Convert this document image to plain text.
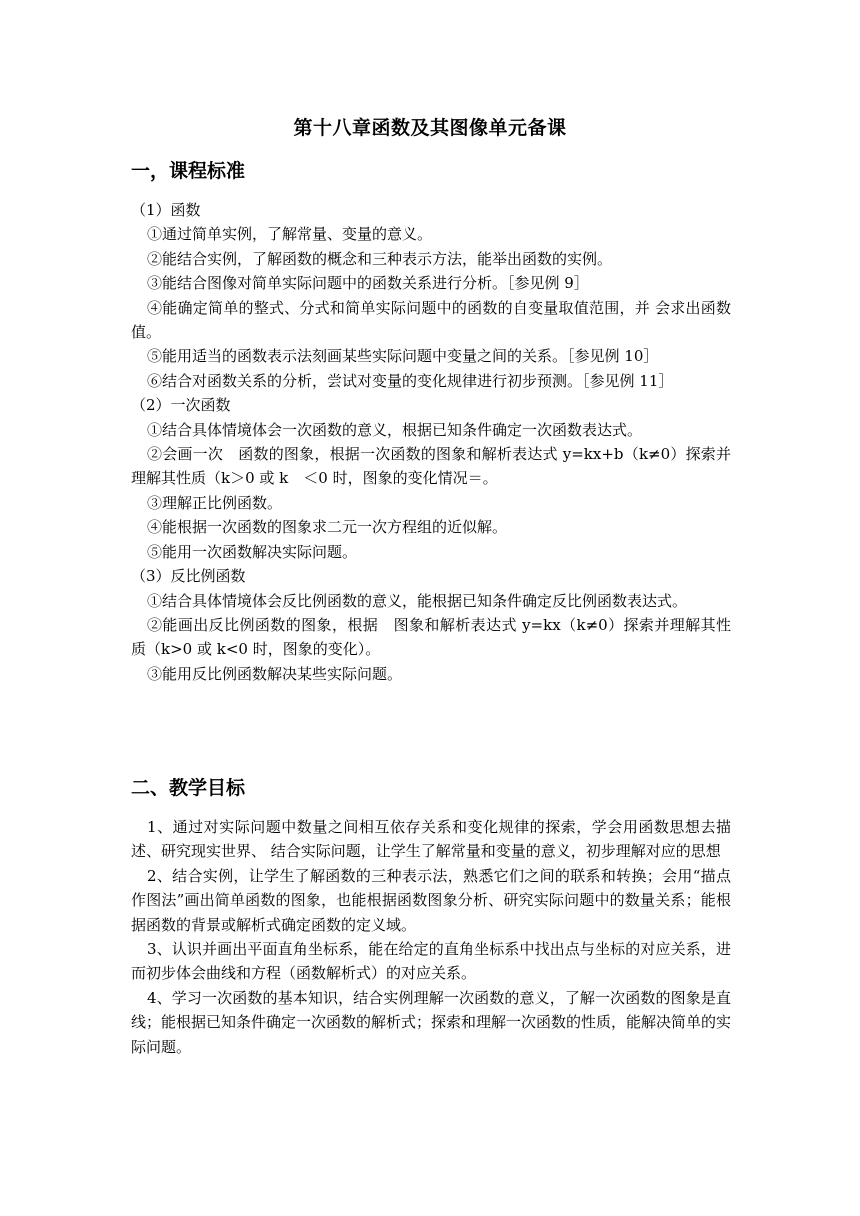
第十八章函数及其图像单元备课
一，课程标准

（1）函数

①通过简单实例，了解常量、变量的意义。

②能结合实例，了解函数的概念和三种表示方法，能举出函数的实例。

③能结合图像对简单实际问题中的函数关系进行分析。［参见例 9］

④能确定简单的整式、分式和简单实际问题中的函数的自变量取值范围，并 会求出函数值。

⑤能用适当的函数表示法刻画某些实际问题中变量之间的关系。［参见例 10］

⑥结合对函数关系的分析，尝试对变量的变化规律进行初步预测。［参见例 11］

（2）一次函数

①结合具体情境体会一次函数的意义，根据已知条件确定一次函数表达式。

②会画一次　函数的图象，根据一次函数的图象和解析表达式 y=kx+b（k≠0）探索并理解其性质（k＞0 或 k　＜0 时，图象的变化情况＝。

③理解正比例函数。

④能根据一次函数的图象求二元一次方程组的近似解。

⑤能用一次函数解决实际问题。

（3）反比例函数

①结合具体情境体会反比例函数的意义，能根据已知条件确定反比例函数表达式。

②能画出反比例函数的图象，根据　图象和解析表达式 y=kx（k≠0）探索并理解其性质（k>0 或 k<0 时，图象的变化）。

③能用反比例函数解决某些实际问题。

二、教学目标

1、通过对实际问题中数量之间相互依存关系和变化规律的探索，学会用函数思想去描述、研究现实世界、 结合实际问题，让学生了解常量和变量的意义，初步理解对应的思想

2、结合实例，让学生了解函数的三种表示法，熟悉它们之间的联系和转换；会用“描点作图法”画出简单函数的图象，也能根据函数图象分析、研究实际问题中的数量关系；能根据函数的背景或解析式确定函数的定义域。

3、认识并画出平面直角坐标系，能在给定的直角坐标系中找出点与坐标的对应关系，进而初步体会曲线和方程（函数解析式）的对应关系。

4、学习一次函数的基本知识，结合实例理解一次函数的意义，了解一次函数的图象是直线；能根据已知条件确定一次函数的解析式；探索和理解一次函数的性质，能解决简单的实际问题。
